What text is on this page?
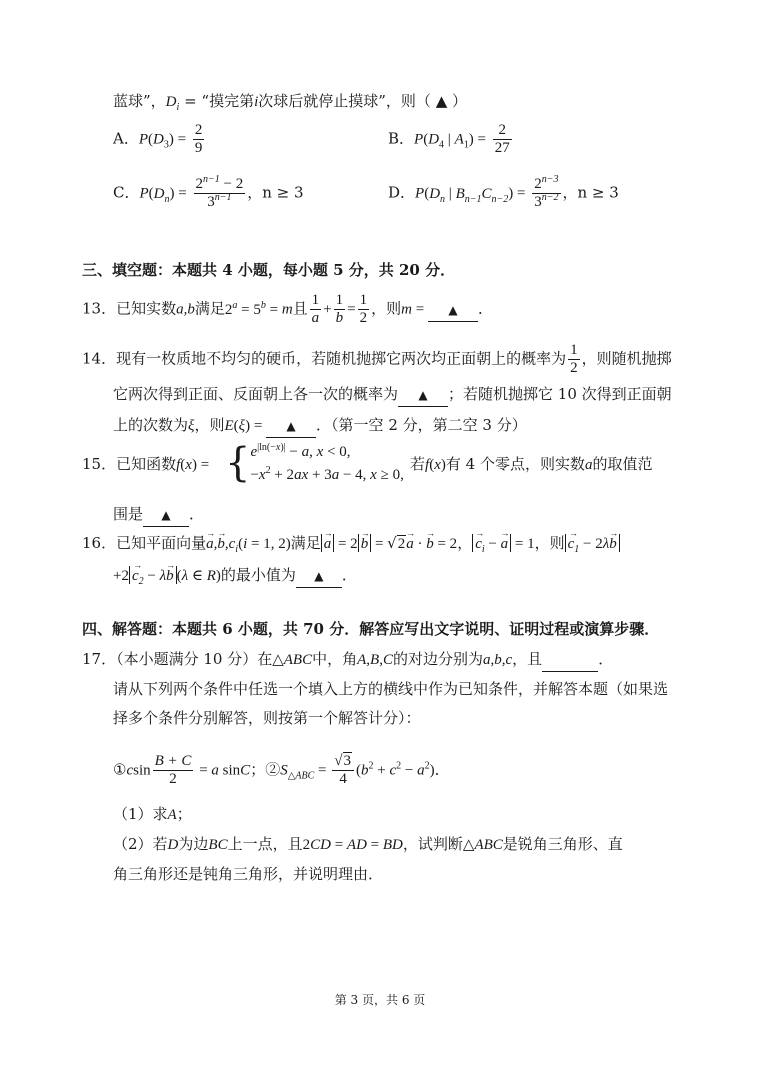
蓝球”，$D_i$ = “摸完第i次球后就停止摸球”，则（ ▲ ）
A．$P(D_3) = \frac{2}{9}$	B．$P(D_4$ | $A_1) = \frac{2}{27}$
C．$P(D_n) = \frac{2^{n-1} - 2}{3^{n-1}}$ ，n ≥ 3	D．$P(D_n$ | $B_{n-1}C_{n-2}) = \frac{2^{n-3}}{3^{n-2}}$ ，n ≥ 3
三、填空题：本题共 4 小题，每小题 5 分，共 20 分．
13．已知实数a,b满足$2^a = 5^b = m$且 $\frac{1}{a} + \frac{1}{b} = \frac{1}{2}$ ，则m = ▲ ．
14．现有一枚质地不均匀的硬币，若随机抛掷它两次均正面朝上的概率为 $\frac{1}{2}$ ，则随机抛掷
它两次得到正面、反面朝上各一次的概率为 ▲ ；若随机抛掷它 10 次得到正面朝
上的次数为ξ，则E(ξ) = ▲ ．（第一空 2 分，第二空 3 分）
15．已知函数f(x) = { $e^{|ln(-x)|} - a$, x < 0,
$-x^2 + 2ax + 3a - 4$, x ≥ 0,
若f(x)有 4 个零点，则实数a的取值范
围是 ▲ ．
16．已知平面向量→ $a,\to b,c_i(i = 1$, 2)满足 → a = 2 → b = √2→ a · → b = 2， → $c_i$ − → a = 1，则 → $c_1 - 2\lambda\to b$
$+2 \to c_2 - \lambda\to b$ (λ ∈ R)的最小值为 ▲ ．
四、解答题：本题共 6 小题，共 70 分．解答应写出文字说明、证明过程或演算步骤．
17．（本小题满分 10 分）在△ABC中，角A,B,C的对边分别为a,b,c，且	．
请从下列两个条件中任选一个填入上方的横线中作为已知条件，并解答本题（如果选
择多个条件分别解答，则按第一个解答计分）：
①csin $\frac{B + C}{2} = a$ sinC；$②S_{\triangle ABC} = \frac{√3}{4} (b^2 + c^2 - a^2)$．
（1）求A；
（2）若D为边BC上一点，且2CD = AD = BD，试判断△ABC是锐角三角形、直
角三角形还是钝角三角形，并说明理由．
第 3 页，共 6 页
